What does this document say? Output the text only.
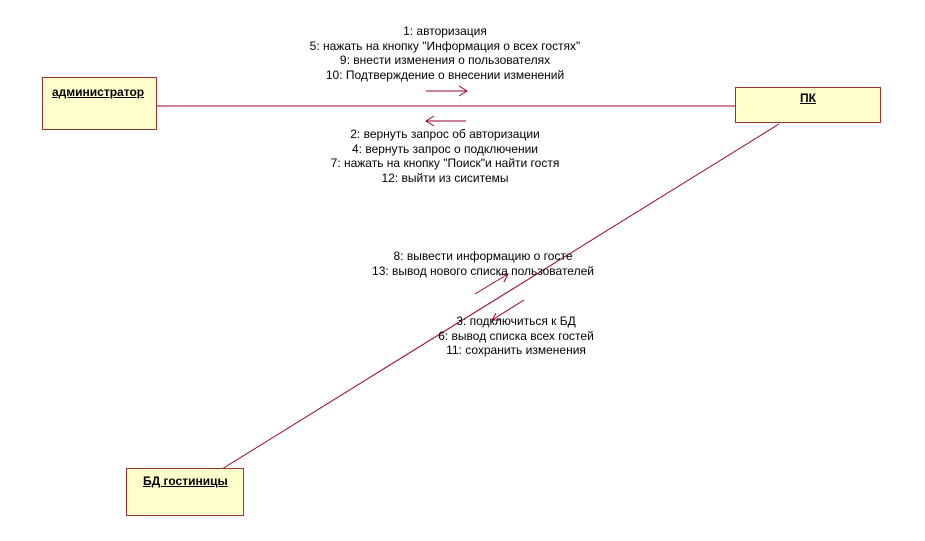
администратор	ПК
БД гостиницы
1: авторизация
5: нажать на кнопку "Информация о всех гостях"
9: внести изменения о пользователях
10: Подтверждение о внесении изменений
2: вернуть запрос об авторизации
4: вернуть запрос о подключении
7: нажать на кнопку "Поиск"и найти гостя
12: выйти из сиситемы
8: вывести информацию о госте
13: вывод нового списка пользователей
3: подключиться к БД
6: вывод списка всех гостей
11: сохранить изменения
